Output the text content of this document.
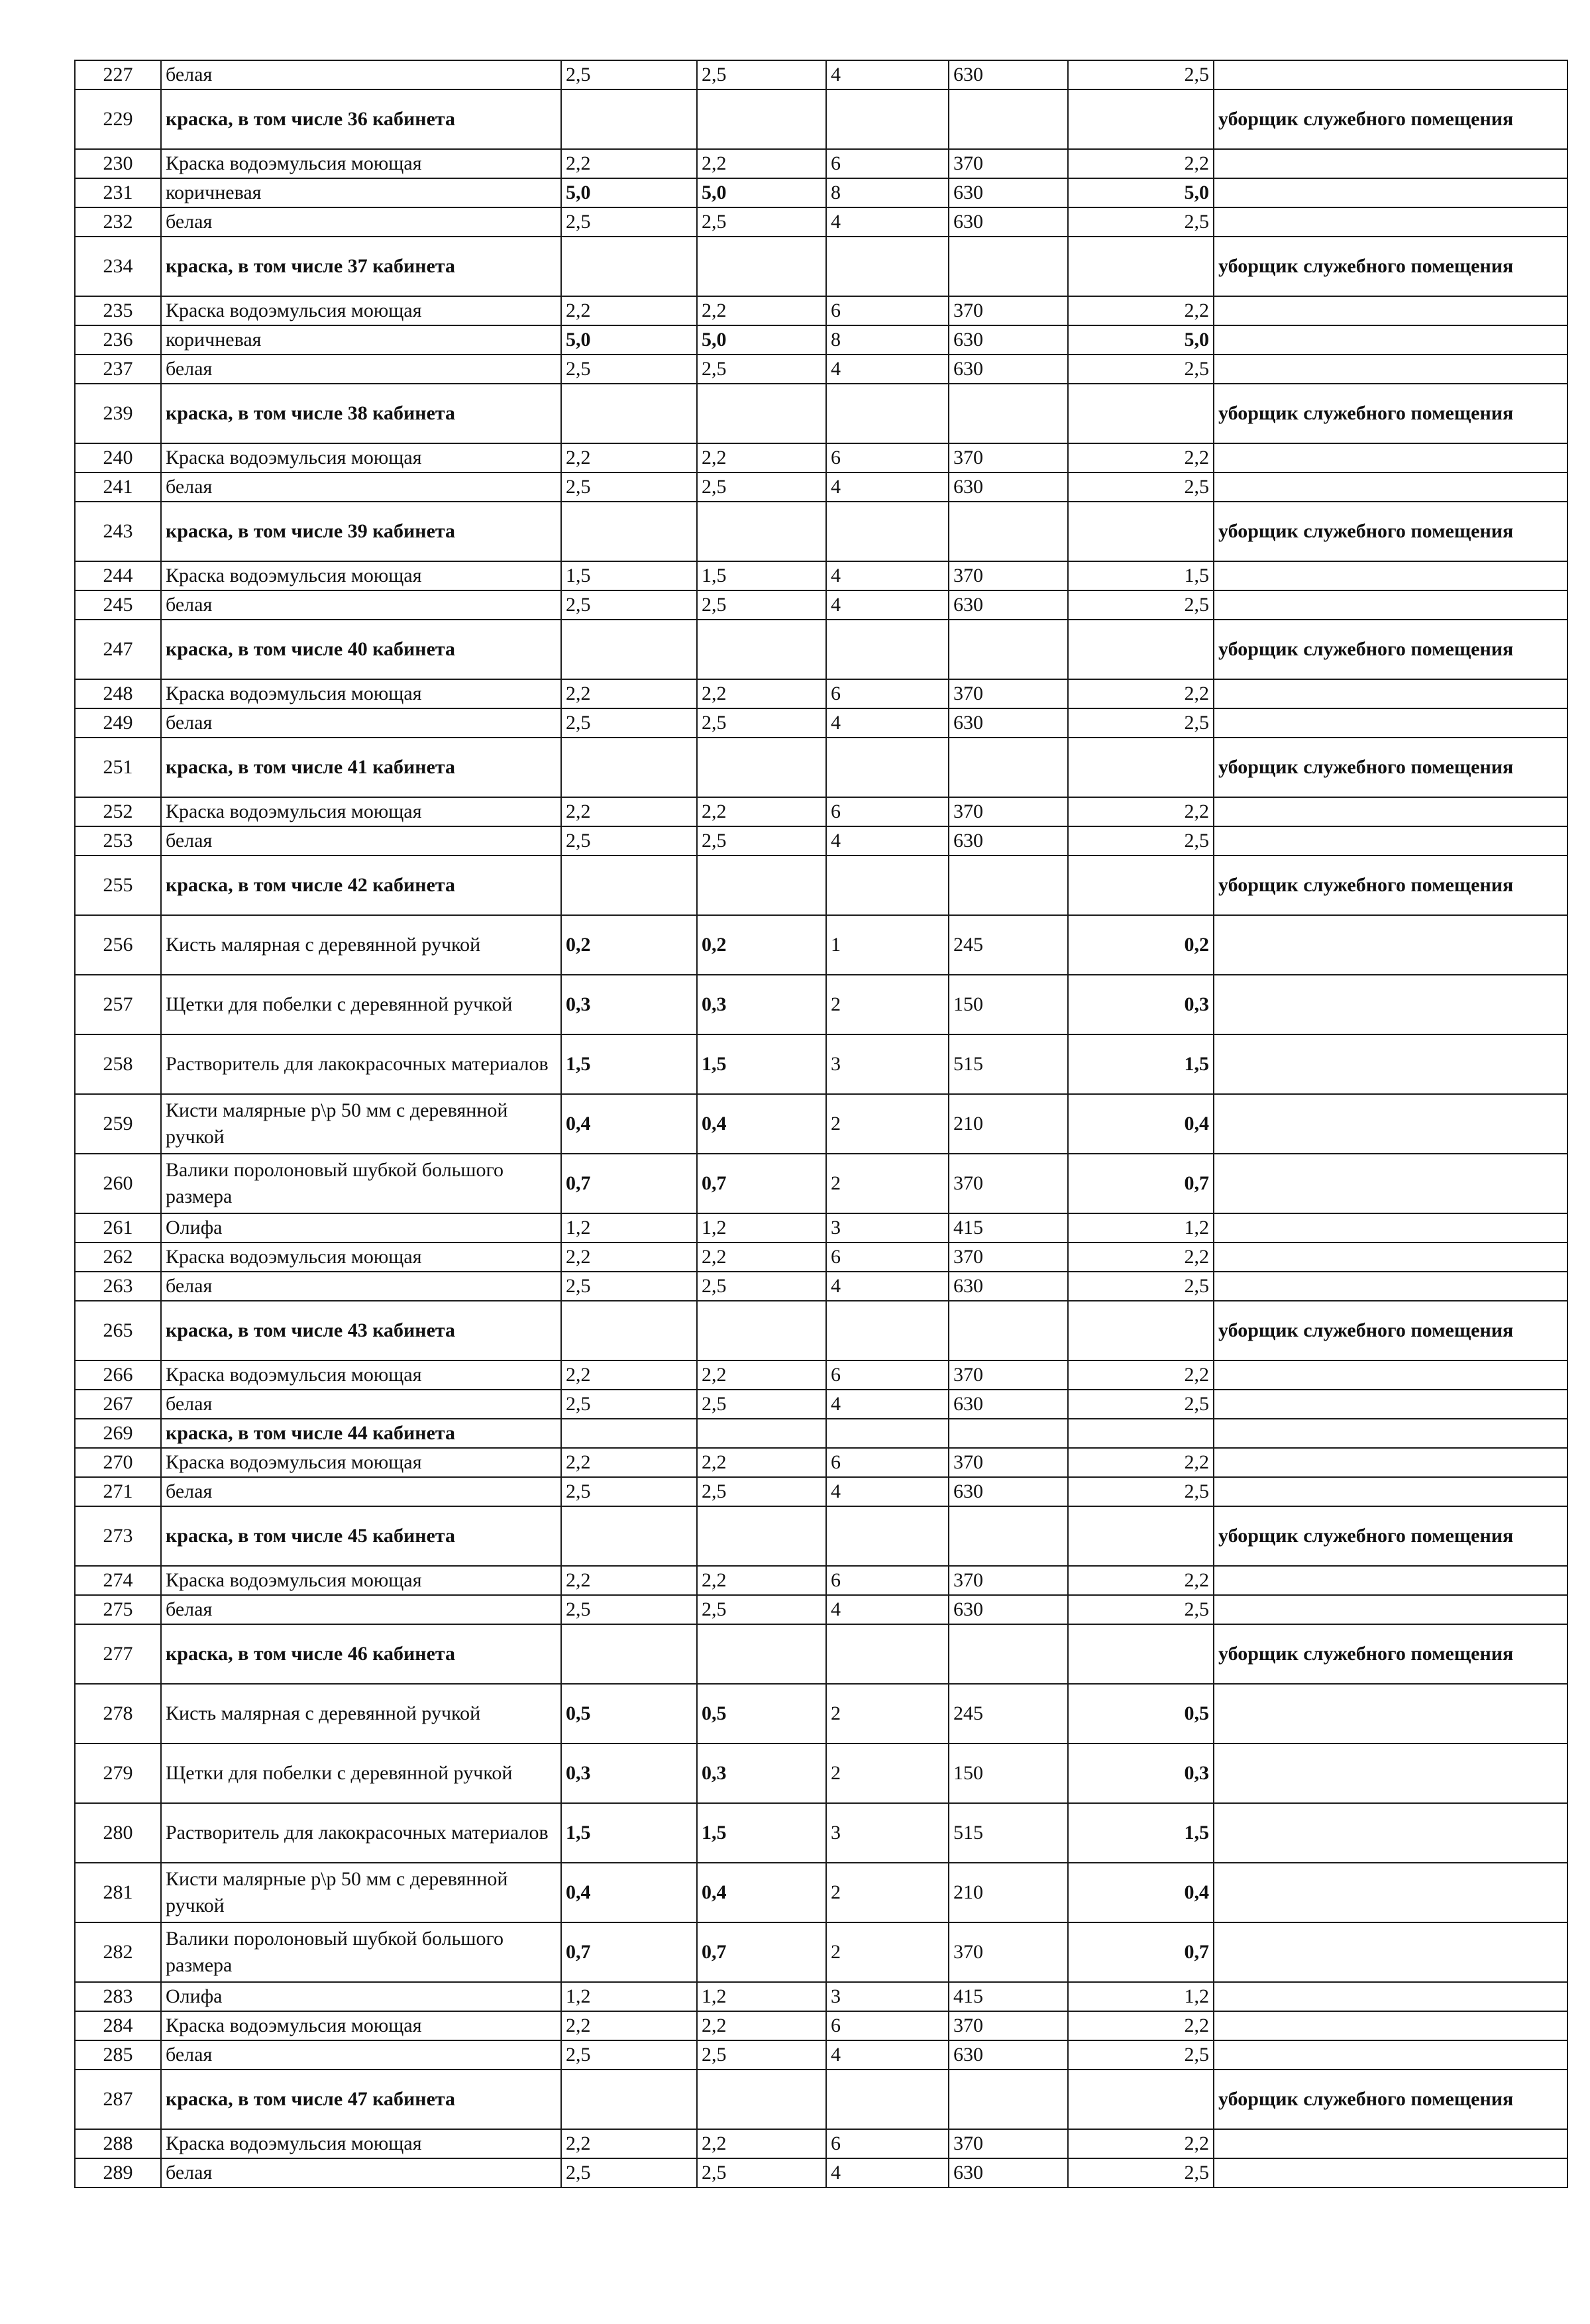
227	белая	2,5	2,5	4	630	2,5	
229	краска, в том числе 36 кабинета						уборщик служебного помещения
230	Краска водоэмульсия моющая	2,2	2,2	6	370	2,2	
231	коричневая	5,0	5,0	8	630	5,0	
232	белая	2,5	2,5	4	630	2,5	
234	краска, в том числе 37 кабинета						уборщик служебного помещения
235	Краска водоэмульсия моющая	2,2	2,2	6	370	2,2	
236	коричневая	5,0	5,0	8	630	5,0	
237	белая	2,5	2,5	4	630	2,5	
239	краска, в том числе 38 кабинета						уборщик служебного помещения
240	Краска водоэмульсия моющая	2,2	2,2	6	370	2,2	
241	белая	2,5	2,5	4	630	2,5	
243	краска, в том числе 39 кабинета						уборщик служебного помещения
244	Краска водоэмульсия моющая	1,5	1,5	4	370	1,5	
245	белая	2,5	2,5	4	630	2,5	
247	краска, в том числе 40 кабинета						уборщик служебного помещения
248	Краска водоэмульсия моющая	2,2	2,2	6	370	2,2	
249	белая	2,5	2,5	4	630	2,5	
251	краска, в том числе 41 кабинета						уборщик служебного помещения
252	Краска водоэмульсия моющая	2,2	2,2	6	370	2,2	
253	белая	2,5	2,5	4	630	2,5	
255	краска, в том числе 42 кабинета						уборщик служебного помещения
256	Кисть малярная с деревянной ручкой	0,2	0,2	1	245	0,2	
257	Щетки для побелки с деревянной ручкой	0,3	0,3	2	150	0,3	
258	Растворитель для лакокрасочных материалов	1,5	1,5	3	515	1,5	
259	Кисти малярные р\р 50 мм с деревянной ручкой	0,4	0,4	2	210	0,4	
260	Валики поролоновый шубкой большого размера	0,7	0,7	2	370	0,7	
261	Олифа	1,2	1,2	3	415	1,2	
262	Краска водоэмульсия моющая	2,2	2,2	6	370	2,2	
263	белая	2,5	2,5	4	630	2,5	
265	краска, в том числе 43 кабинета						уборщик служебного помещения
266	Краска водоэмульсия моющая	2,2	2,2	6	370	2,2	
267	белая	2,5	2,5	4	630	2,5	
269	краска, в том числе 44 кабинета						
270	Краска водоэмульсия моющая	2,2	2,2	6	370	2,2	
271	белая	2,5	2,5	4	630	2,5	
273	краска, в том числе 45 кабинета						уборщик служебного помещения
274	Краска водоэмульсия моющая	2,2	2,2	6	370	2,2	
275	белая	2,5	2,5	4	630	2,5	
277	краска, в том числе 46 кабинета						уборщик служебного помещения
278	Кисть малярная с деревянной ручкой	0,5	0,5	2	245	0,5	
279	Щетки для побелки с деревянной ручкой	0,3	0,3	2	150	0,3	
280	Растворитель для лакокрасочных материалов	1,5	1,5	3	515	1,5	
281	Кисти малярные р\р 50 мм с деревянной ручкой	0,4	0,4	2	210	0,4	
282	Валики поролоновый шубкой большого размера	0,7	0,7	2	370	0,7	
283	Олифа	1,2	1,2	3	415	1,2	
284	Краска водоэмульсия моющая	2,2	2,2	6	370	2,2	
285	белая	2,5	2,5	4	630	2,5	
287	краска, в том числе 47 кабинета						уборщик служебного помещения
288	Краска водоэмульсия моющая	2,2	2,2	6	370	2,2	
289	белая	2,5	2,5	4	630	2,5	
